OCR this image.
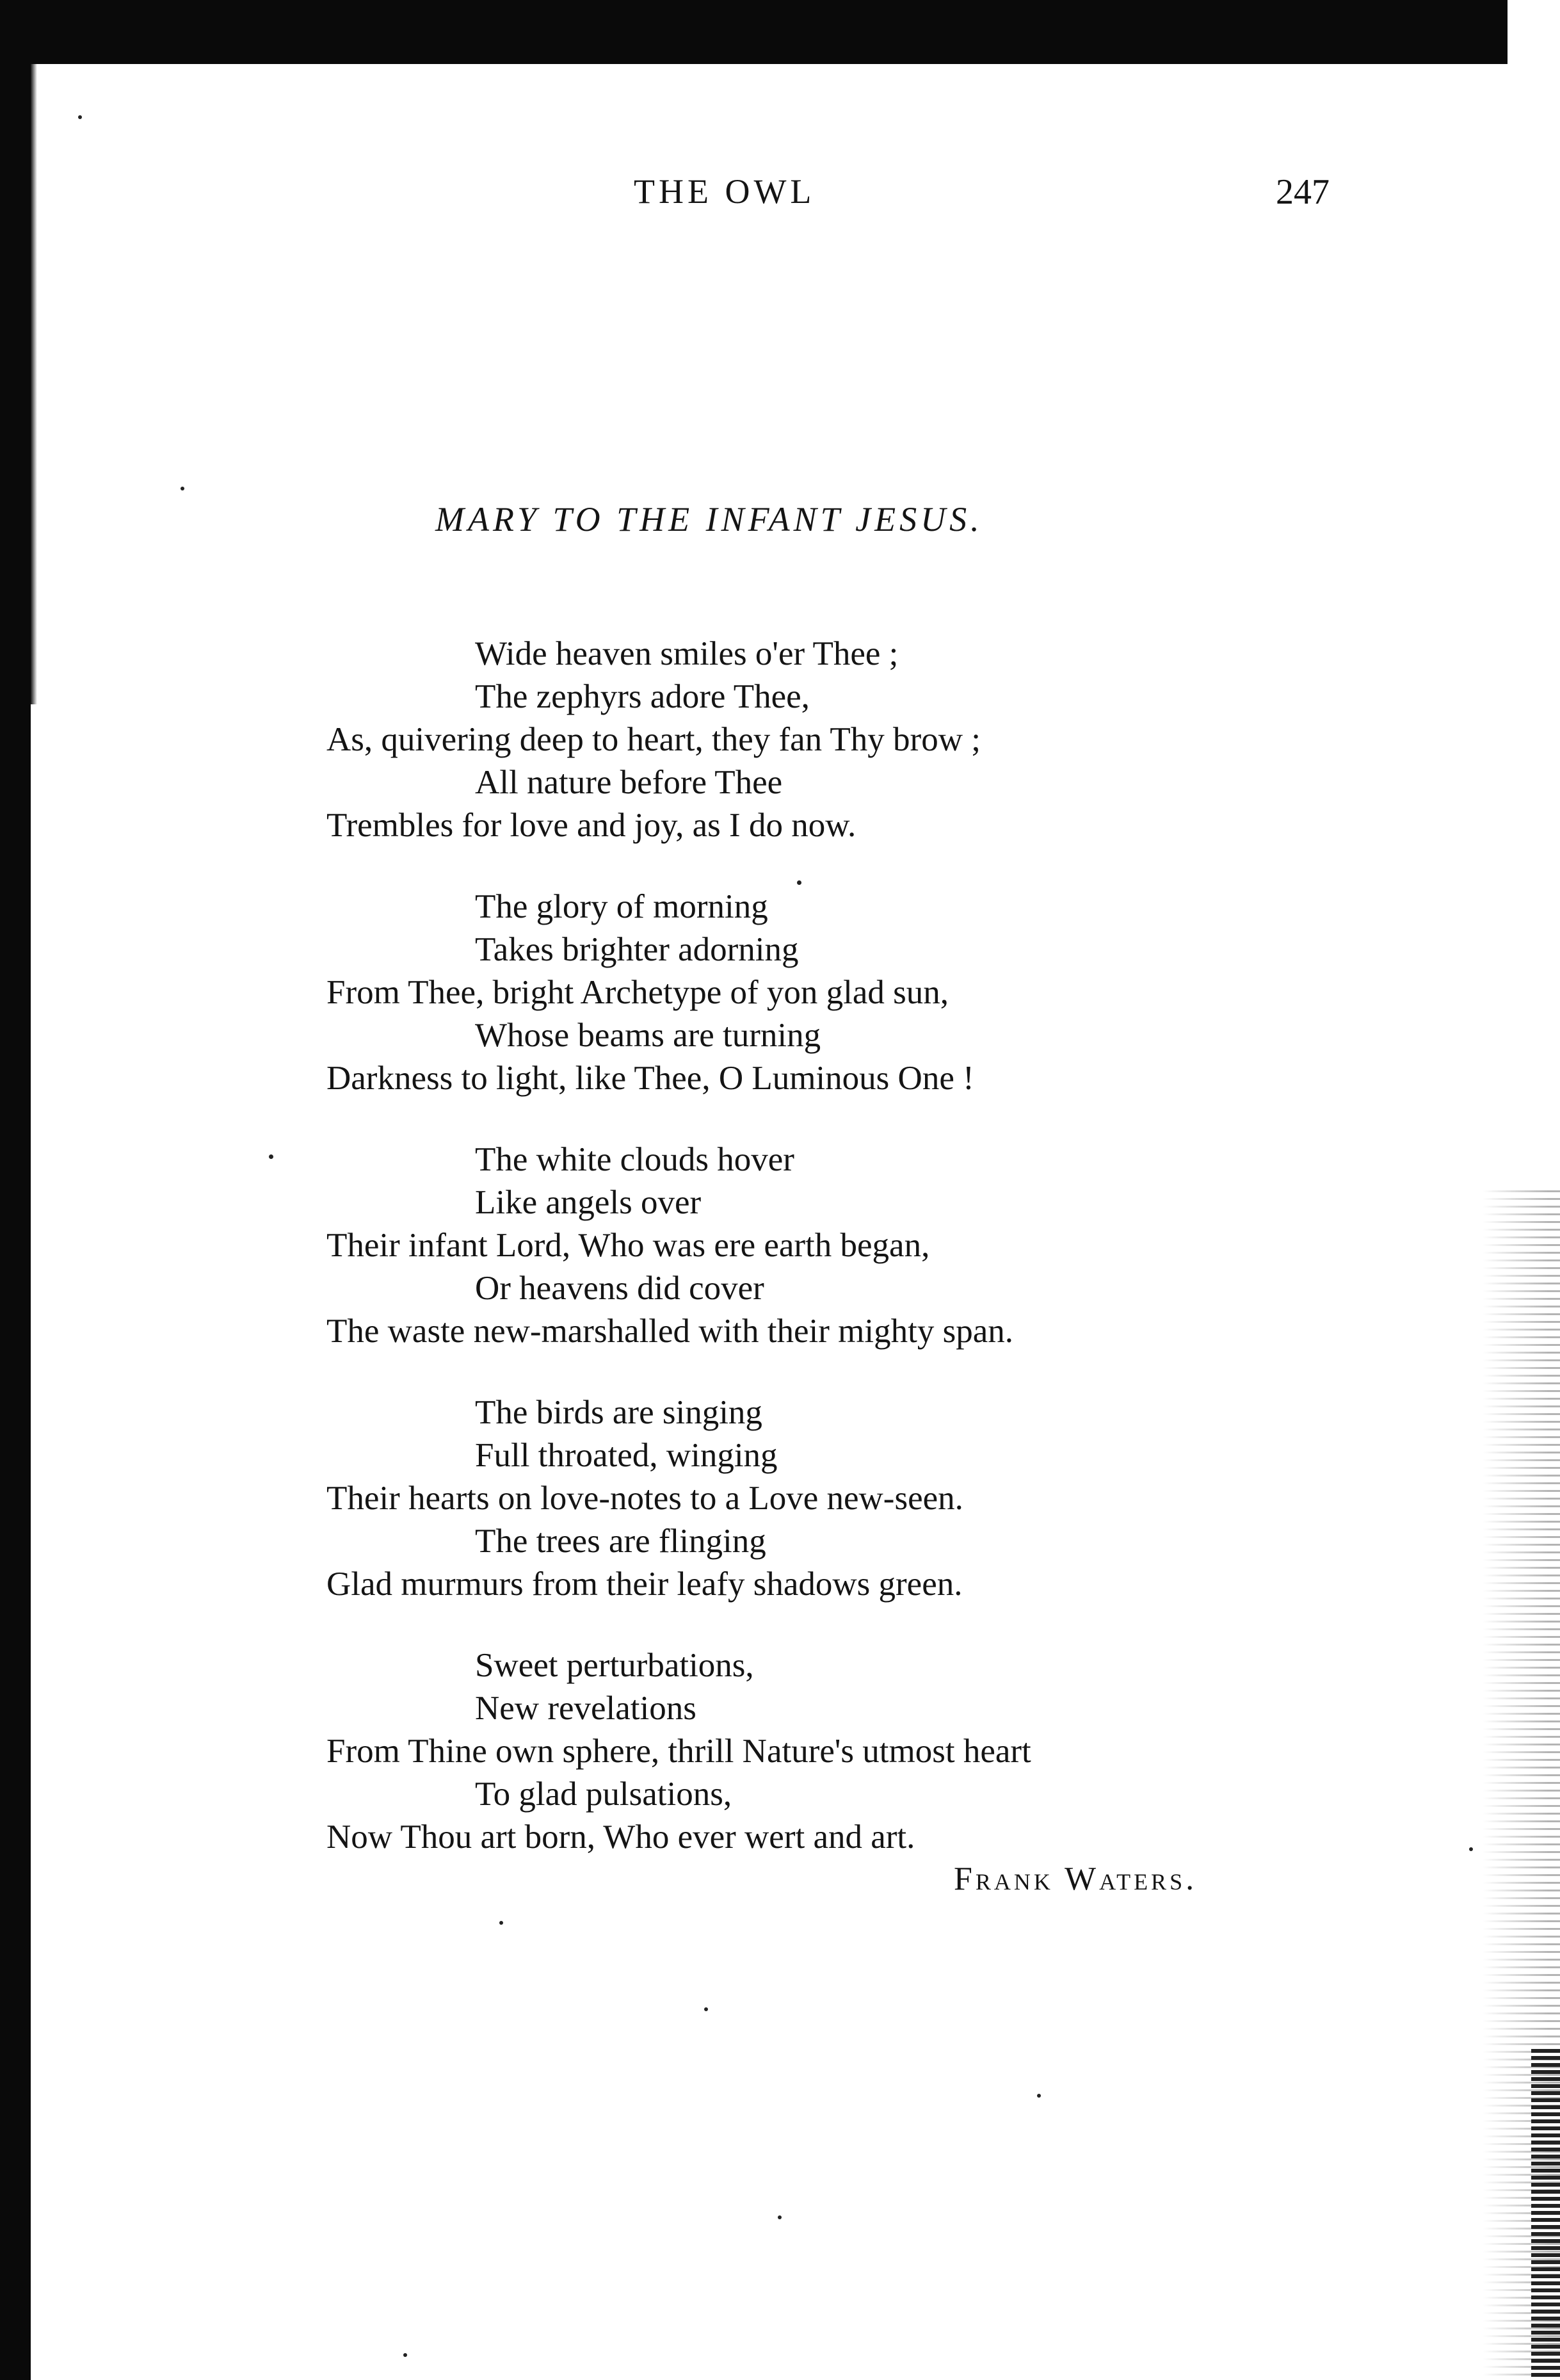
THE OWL	247
MARY TO THE INFANT JESUS.
Wide heaven smiles o'er Thee ;
The zephyrs adore Thee,
As, quivering deep to heart, they fan Thy brow ;
All nature before Thee
Trembles for love and joy, as I do now.
The glory of morning
Takes brighter adorning
From Thee, bright Archetype of yon glad sun,
Whose beams are turning
Darkness to light, like Thee, O Luminous One !
The white clouds hover
Like angels over
Their infant Lord, Who was ere earth began,
Or heavens did cover
The waste new-marshalled with their mighty span.
The birds are singing
Full throated, winging
Their hearts on love-notes to a Love new-seen.
The trees are flinging
Glad murmurs from their leafy shadows green.
Sweet perturbations,
New revelations
From Thine own sphere, thrill Nature's utmost heart
To glad pulsations,
Now Thou art born, Who ever wert and art.
Frank Waters.
